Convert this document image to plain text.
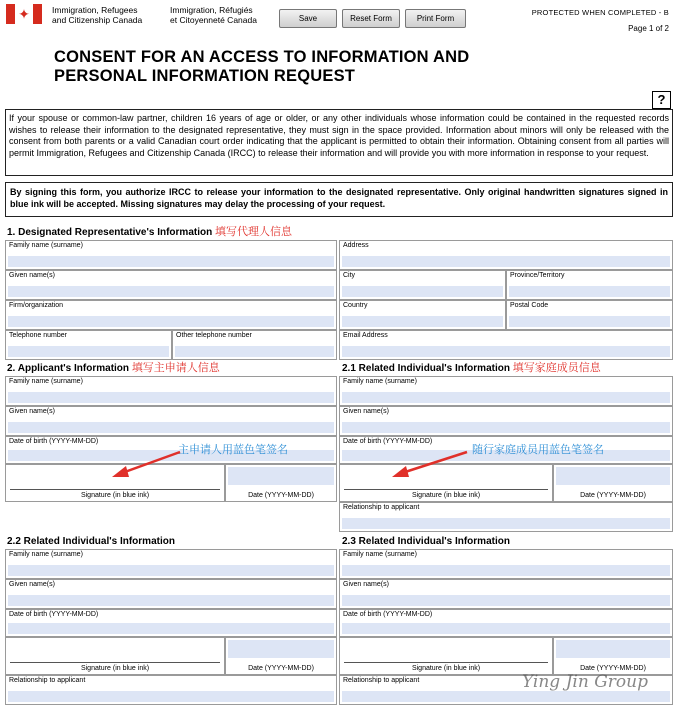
✦	Immigration, Refugees
and Citizenship Canada
Immigration, Réfugiés
et Citoyenneté Canada	Save	Reset Form	Print Form
PROTECTED WHEN COMPLETED - B
Page 1 of 2
CONSENT FOR AN ACCESS TO INFORMATION AND
PERSONAL INFORMATION REQUEST
If your spouse or common-law partner, children 16 years of age or older, or any other individuals whose information could be contained in the requested records wishes to release their information to the designated representative, they must sign in the space provided. Information about minors will only be released with the consent from both parents or a valid Canadian court order indicating that the applicant is permitted to obtain their information. Obtaining consent from all parties will permit Immigration, Refugees and Citizenship Canada (IRCC) to release their information and will provide you with more information in response to your request.
?
By signing this form, you authorize IRCC to release your information to the designated representative. Only original handwritten signatures signed in blue ink will be accepted. Missing signatures may delay the processing of your request.
1. Designated Representative's Information 填写代理人信息
Family name (surname)
Given name(s)
Firm/organization
Telephone number	Other telephone number
Address
City	Province/Territory
Country	Postal Code
Email Address
2. Applicant's Information 填写主申请人信息	2.1 Related Individual's Information 填写家庭成员信息
Family name (surname)
Given name(s)
Date of birth (YYYY-MM-DD)
Signature (in blue ink)	Date (YYYY-MM-DD)
Family name (surname)
Given name(s)
Date of birth (YYYY-MM-DD)
Signature (in blue ink)	Date (YYYY-MM-DD)
Relationship to applicant
主申请人用蓝色笔签名	随行家庭成员用蓝色笔签名
2.2 Related Individual's Information	2.3 Related Individual's Information
Family name (surname)
Given name(s)
Date of birth (YYYY-MM-DD)
Signature (in blue ink)	Date (YYYY-MM-DD)
Relationship to applicant
Family name (surname)
Given name(s)
Date of birth (YYYY-MM-DD)
Signature (in blue ink)	Date (YYYY-MM-DD)
Relationship to applicant	Ying Jin Group
